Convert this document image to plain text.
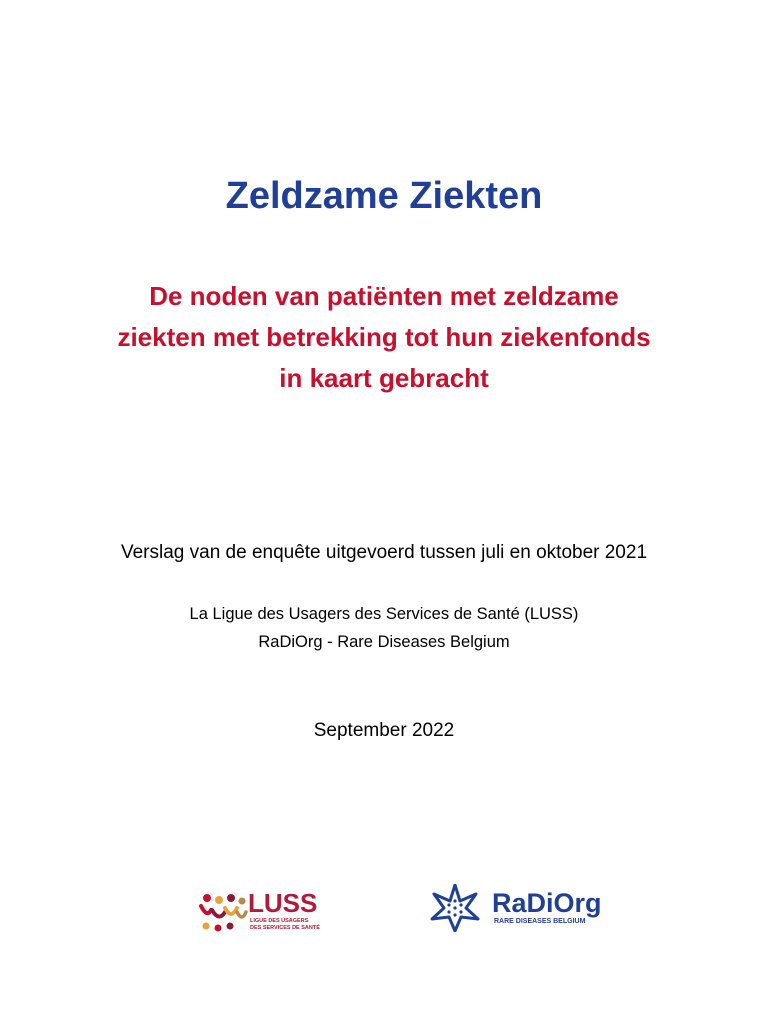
Zeldzame Ziekten
De noden van patiënten met zeldzame
ziekten met betrekking tot hun ziekenfonds
in kaart gebracht
Verslag van de enquête uitgevoerd tussen juli en oktober 2021
La Ligue des Usagers des Services de Santé (LUSS)
RaDiOrg - Rare Diseases Belgium
September 2022
LUSS
LIGUE DES USAGERS
DES SERVICES DE SANTÉ
RaDiOrg
RARE DISEASES BELGIUM
